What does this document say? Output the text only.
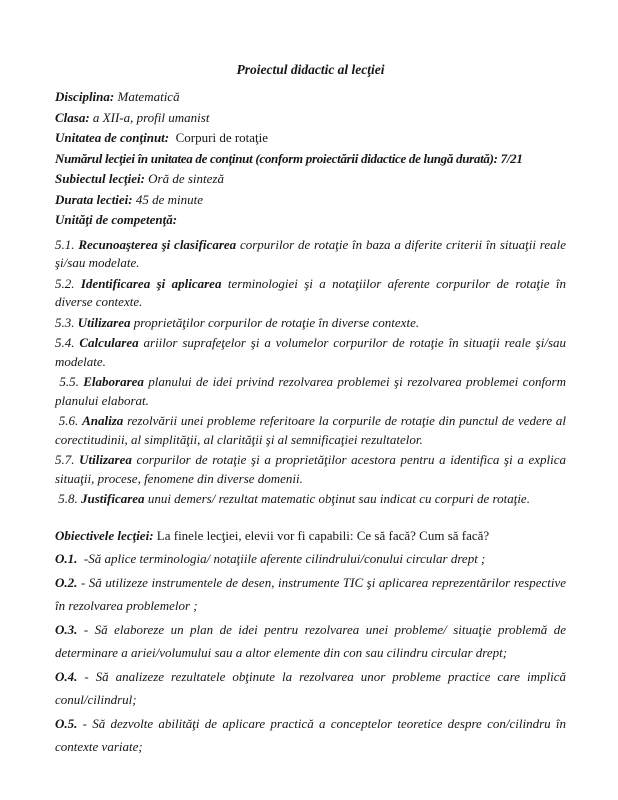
Proiectul didactic al lecţiei

Disciplina: Matematică

Clasa: a XII-a, profil umanist

Unitatea de conţinut: Corpuri de rotaţie

Numărul lecţiei în unitatea de conţinut (conform proiectării didactice de lungă durată): 7/21

Subiectul lecţiei: Oră de sinteză

Durata lectiei: 45 de minute

Unităţi de competenţă:

5.1. Recunoaşterea şi clasificarea corpurilor de rotaţie în baza a diferite criterii în situaţii reale şi/sau modelate.

5.2. Identificarea şi aplicarea terminologiei şi a notaţiilor aferente corpurilor de rotaţie în diverse contexte.

5.3. Utilizarea proprietăţilor corpurilor de rotaţie în diverse contexte.

5.4. Calcularea ariilor suprafeţelor şi a volumelor corpurilor de rotaţie în situaţii reale şi/sau modelate.

5.5. Elaborarea planului de idei privind rezolvarea problemei şi rezolvarea problemei conform planului elaborat.

5.6. Analiza rezolvării unei probleme referitoare la corpurile de rotaţie din punctul de vedere al corectitudinii, al simplităţii, al clarităţii şi al semnificaţiei rezultatelor.

5.7. Utilizarea corpurilor de rotaţie şi a proprietăţilor acestora pentru a identifica şi a explica situaţii, procese, fenomene din diverse domenii.

5.8. Justificarea unui demers/ rezultat matematic obţinut sau indicat cu corpuri de rotaţie.

Obiectivele lecţiei: La finele lecţiei, elevii vor fi capabili: Ce să facă? Cum să facă?

O.1.  -Să aplice terminologia/ notaţiile aferente cilindrului/conului circular drept ;

O.2. - Să utilizeze instrumentele de desen, instrumente TIC şi aplicarea reprezentărilor respective în rezolvarea problemelor ;

O.3. - Să elaboreze un plan de idei pentru rezolvarea unei probleme/ situaţie problemă de determinare a ariei/volumului sau a altor elemente din con sau cilindru circular drept;

O.4. - Să analizeze rezultatele obţinute la rezolvarea unor probleme practice care implică conul/cilindrul;

O.5. - Să dezvolte abilităţi de aplicare practică a conceptelor teoretice despre con/cilindru în contexte variate;
